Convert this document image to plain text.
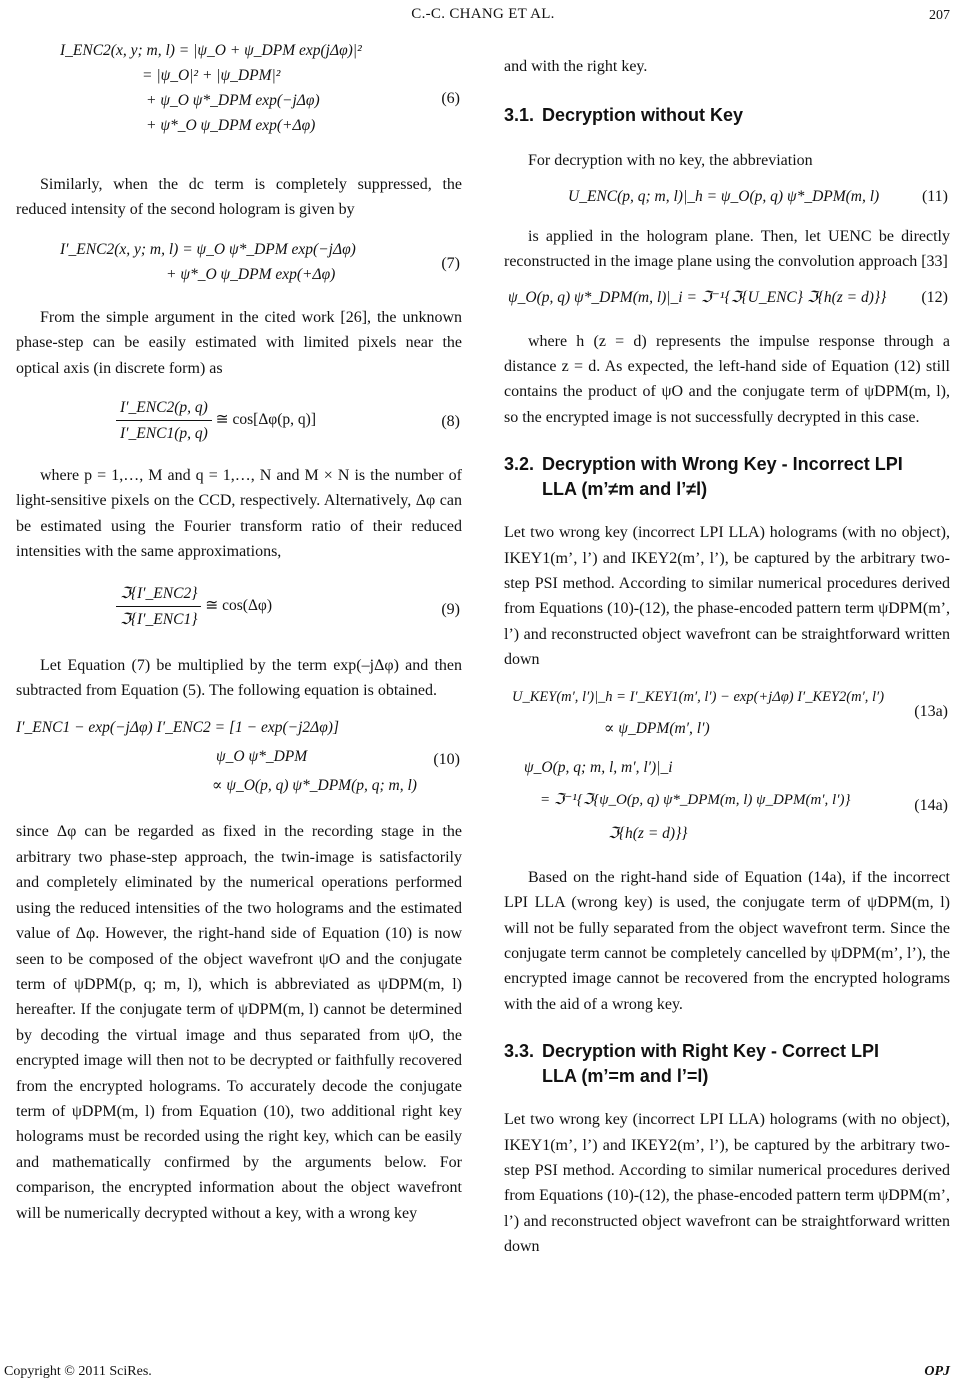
C.-C. CHANG ET AL.	207
I_ENC2(x, y; m, l) = |ψ_O + ψ_DPM exp(jΔφ)|²
= |ψ_O|² + |ψ_DPM|²
+ ψ_O ψ*_DPM exp(−jΔφ)
+ ψ*_O ψ_DPM exp(+Δφ)
(6)

Similarly, when the dc term is completely suppressed, the reduced intensity of the second hologram is given by

I′_ENC2(x, y; m, l) = ψ_O ψ*_DPM exp(−jΔφ)
+ ψ*_O ψ_DPM exp(+Δφ)
(7)

From the simple argument in the cited work [26], the unknown phase-step can be easily estimated with limited pixels near the optical axis (in discrete form) as

$\frac{\text{I′\_ENC2(p, q)}}{\text{I′\_ENC1(p, q)}}$ ≅ cos[Δφ(p, q)]	(8)

where p = 1,…, M and q = 1,…, N and M × N is the number of light-sensitive pixels on the CCD, respectively. Alternatively, Δφ can be estimated using the Fourier transform ratio of their reduced intensities with the same approximations,

$\frac{\text{ℑ\{I′\_ENC2\}}}{\text{ℑ\{I′\_ENC1\}}}$ ≅ cos(Δφ)	(9)

Let Equation (7) be multiplied by the term exp(–jΔφ) and then subtracted from Equation (5). The following equation is obtained.

I′_ENC1 − exp(−jΔφ) I′_ENC2 = [1 − exp(−j2Δφ)]
ψ_O ψ*_DPM
∝ ψ_O(p, q) ψ*_DPM(p, q; m, l)
(10)

since Δφ can be regarded as fixed in the recording stage in the arbitrary two phase-step approach, the twin-image is satisfactorily and completely eliminated by the numerical operations performed using the reduced intensities of the two holograms and the estimated value of Δφ. However, the right-hand side of Equation (10) is now seen to be composed of the object wavefront ψO and the conjugate term of ψDPM(p, q; m, l), which is abbreviated as ψDPM(m, l) hereafter. If the conjugate term of ψDPM(m, l) cannot be determined by decoding the virtual image and thus separated from ψO, the encrypted image will then not to be decrypted or faithfully recovered from the encrypted holograms. To accurately decode the conjugate term of ψDPM(m, l) from Equation (10), two additional right key holograms must be recorded using the right key, which can be easily and mathematically confirmed by the arguments below. For comparison, the encrypted information about the object wavefront will be numerically decrypted without a key, with a wrong key

and with the right key.

3.1. Decryption without Key

For decryption with no key, the abbreviation

U_ENC(p, q; m, l)|_h = ψ_O(p, q) ψ*_DPM(m, l)	(11)

is applied in the hologram plane. Then, let UENC be directly reconstructed in the image plane using the convolution approach [33]

ψ_O(p, q) ψ*_DPM(m, l)|_i = ℑ⁻¹{ℑ{U_ENC} ℑ{h(z = d)}}	(12)

where h (z = d) represents the impulse response through a distance z = d. As expected, the left-hand side of Equation (12) still contains the product of ψO and the conjugate term of ψDPM(m, l), so the encrypted image is not successfully decrypted in this case.

3.2. Decryption with Wrong Key - Incorrect LPI
LLA (m’≠m and l’≠l)

Let two wrong key (incorrect LPI LLA) holograms (with no object), IKEY1(m’, l’) and IKEY2(m’, l’), be captured by the arbitrary two-step PSI method. According to similar numerical procedures derived from Equations (10)-(12), the phase-encoded pattern term ψDPM(m’, l’) and reconstructed object wavefront can be straightforward written down

U_KEY(m′, l′)|_h = I′_KEY1(m′, l′) − exp(+jΔφ) I′_KEY2(m′, l′)
∝ ψ_DPM(m′, l′)
(13a)
ψ_O(p, q; m, l, m′, l′)|_i
= ℑ⁻¹{ℑ{ψ_O(p, q) ψ*_DPM(m, l) ψ_DPM(m′, l′)}
ℑ{h(z = d)}}
(14a)

Based on the right-hand side of Equation (14a), if the incorrect LPI LLA (wrong key) is used, the conjugate term of ψDPM(m, l) will not be fully separated from the object wavefront term. Since the conjugate term cannot be completely cancelled by ψDPM(m’, l’), the encrypted image cannot be recovered from the encrypted holograms with the aid of a wrong key.

3.3. Decryption with Right Key - Correct LPI
LLA (m’=m and l’=l)

Let two wrong key (incorrect LPI LLA) holograms (with no object), IKEY1(m’, l’) and IKEY2(m’, l’), be captured by the arbitrary two-step PSI method. According to similar numerical procedures derived from Equations (10)-(12), the phase-encoded pattern term ψDPM(m’, l’) and reconstructed object wavefront can be straightforward written down

Copyright © 2011 SciRes.	OPJ
